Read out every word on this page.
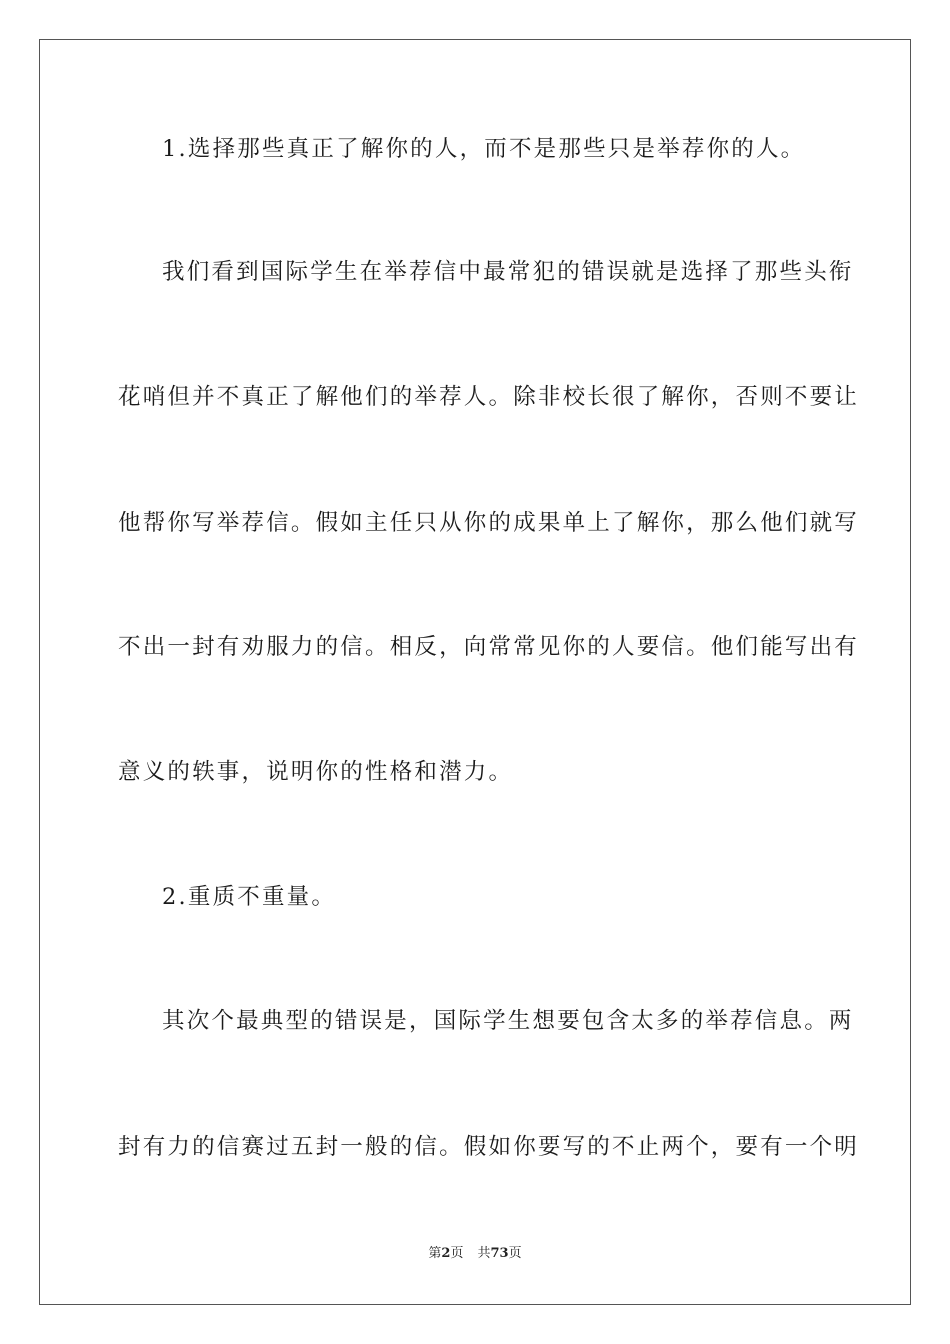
1.选择那些真正了解你的人，而不是那些只是举荐你的人。
我们看到国际学生在举荐信中最常犯的错误就是选择了那些头衔
花哨但并不真正了解他们的举荐人。除非校长很了解你，否则不要让
他帮你写举荐信。假如主任只从你的成果单上了解你，那么他们就写
不出一封有劝服力的信。相反，向常常见你的人要信。他们能写出有
意义的轶事，说明你的性格和潜力。
2.重质不重量。
其次个最典型的错误是，国际学生想要包含太多的举荐信息。两
封有力的信赛过五封一般的信。假如你要写的不止两个，要有一个明
第2页 共73页
